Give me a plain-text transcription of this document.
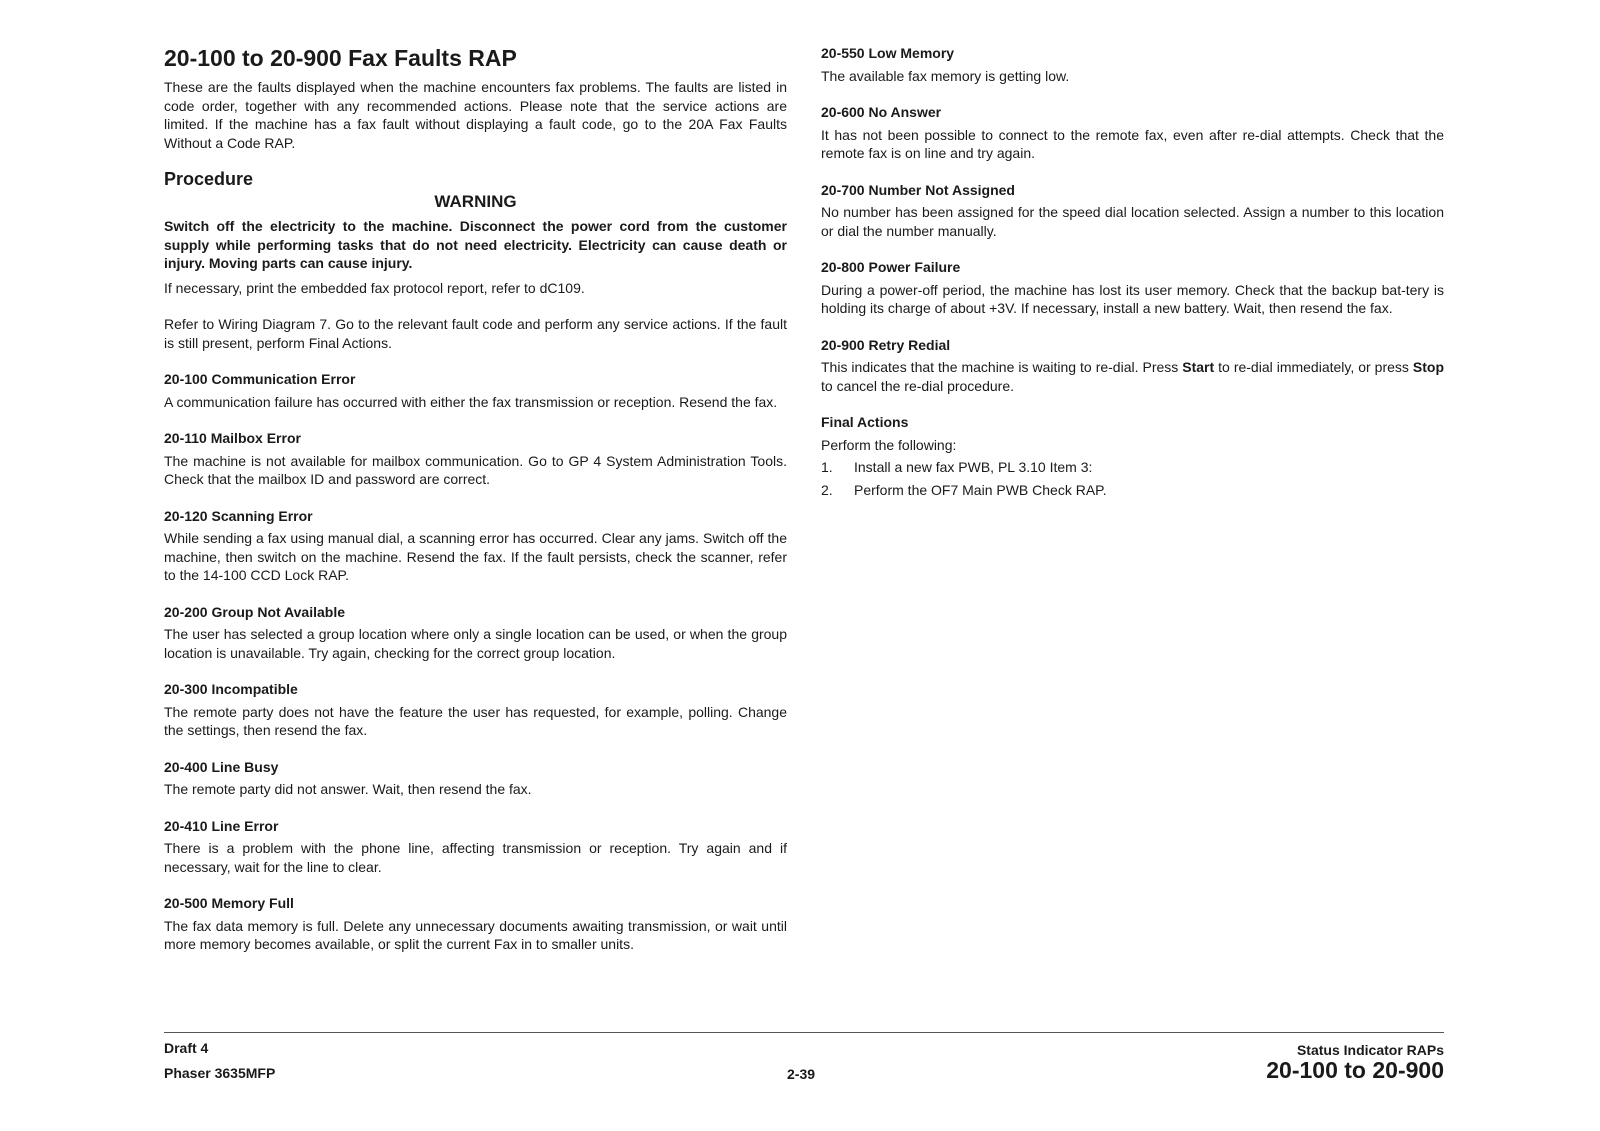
20-100 to 20-900 Fax Faults RAP

These are the faults displayed when the machine encounters fax problems. The faults are listed in code order, together with any recommended actions. Please note that the service actions are limited. If the machine has a fax fault without displaying a fault code, go to the 20A Fax Faults Without a Code RAP.

Procedure
WARNING

Switch off the electricity to the machine. Disconnect the power cord from the customer supply while performing tasks that do not need electricity. Electricity can cause death or injury. Moving parts can cause injury.

If necessary, print the embedded fax protocol report, refer to dC109.

Refer to Wiring Diagram 7. Go to the relevant fault code and perform any service actions. If the fault is still present, perform Final Actions.

20-100 Communication Error

A communication failure has occurred with either the fax transmission or reception. Resend the fax.

20-110 Mailbox Error

The machine is not available for mailbox communication. Go to GP 4 System Administration Tools. Check that the mailbox ID and password are correct.

20-120 Scanning Error

While sending a fax using manual dial, a scanning error has occurred. Clear any jams. Switch off the machine, then switch on the machine. Resend the fax. If the fault persists, check the scanner, refer to the 14-100 CCD Lock RAP.

20-200 Group Not Available

The user has selected a group location where only a single location can be used, or when the group location is unavailable. Try again, checking for the correct group location.

20-300 Incompatible

The remote party does not have the feature the user has requested, for example, polling. Change the settings, then resend the fax.

20-400 Line Busy

The remote party did not answer. Wait, then resend the fax.

20-410 Line Error

There is a problem with the phone line, affecting transmission or reception. Try again and if necessary, wait for the line to clear.

20-500 Memory Full

The fax data memory is full. Delete any unnecessary documents awaiting transmission, or wait until more memory becomes available, or split the current Fax in to smaller units.

20-550 Low Memory

The available fax memory is getting low.

20-600 No Answer

It has not been possible to connect to the remote fax, even after re-dial attempts. Check that the remote fax is on line and try again.

20-700 Number Not Assigned

No number has been assigned for the speed dial location selected. Assign a number to this location or dial the number manually.

20-800 Power Failure

During a power-off period, the machine has lost its user memory. Check that the backup bat-tery is holding its charge of about +3V. If necessary, install a new battery. Wait, then resend the fax.

20-900 Retry Redial

This indicates that the machine is waiting to re-dial. Press Start to re-dial immediately, or press Stop to cancel the re-dial procedure.

Final Actions

Perform the following:

1.	Install a new fax PWB, PL 3.10 Item 3:
2.	Perform the OF7 Main PWB Check RAP.
Draft 4
Phaser 3635MFP	2-39
Status Indicator RAPs
20-100 to 20-900
